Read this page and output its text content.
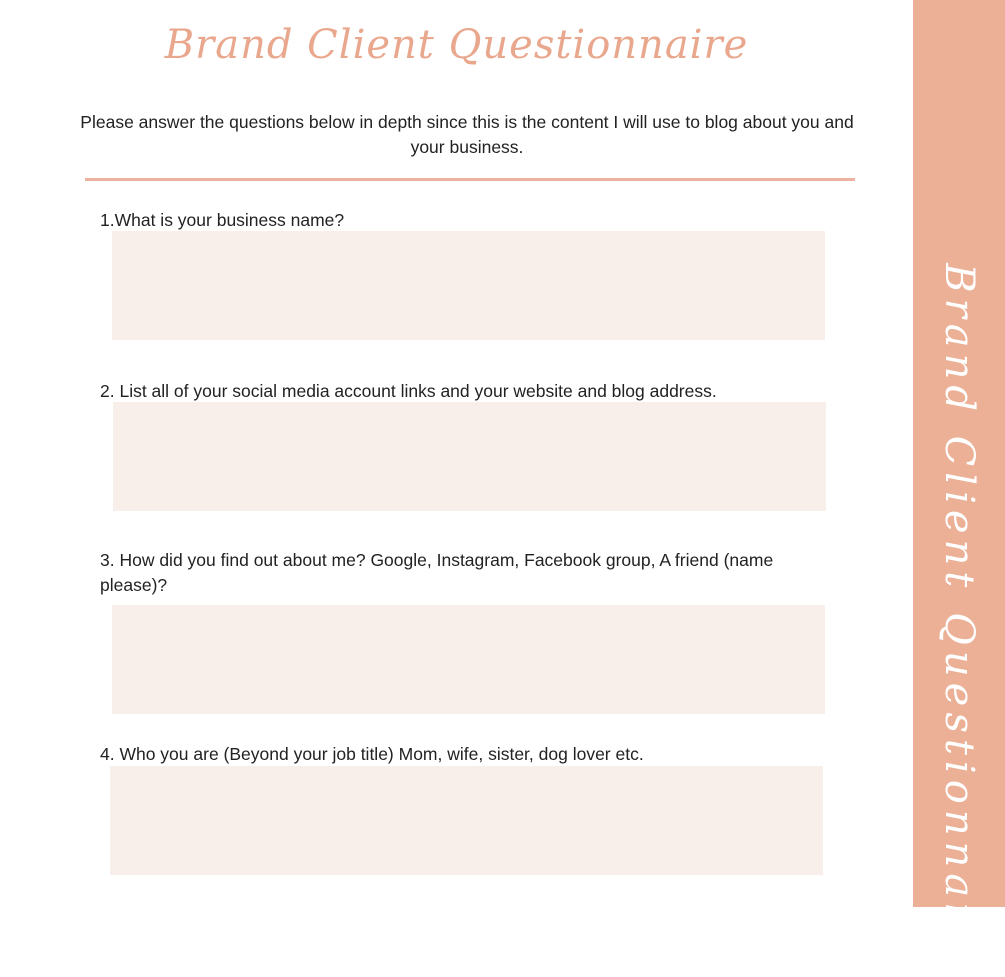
Brand Client Questionnaire
Please answer the questions below in depth since this is the content I will use to blog about you and your business.
1.What is your business name?
2. List all of your social media account links and your website and blog address.
3. How did you find out about me? Google, Instagram, Facebook group, A friend (name please)?
4. Who you are (Beyond your job title) Mom, wife, sister, dog lover etc.	Brand Client Questionnaire
